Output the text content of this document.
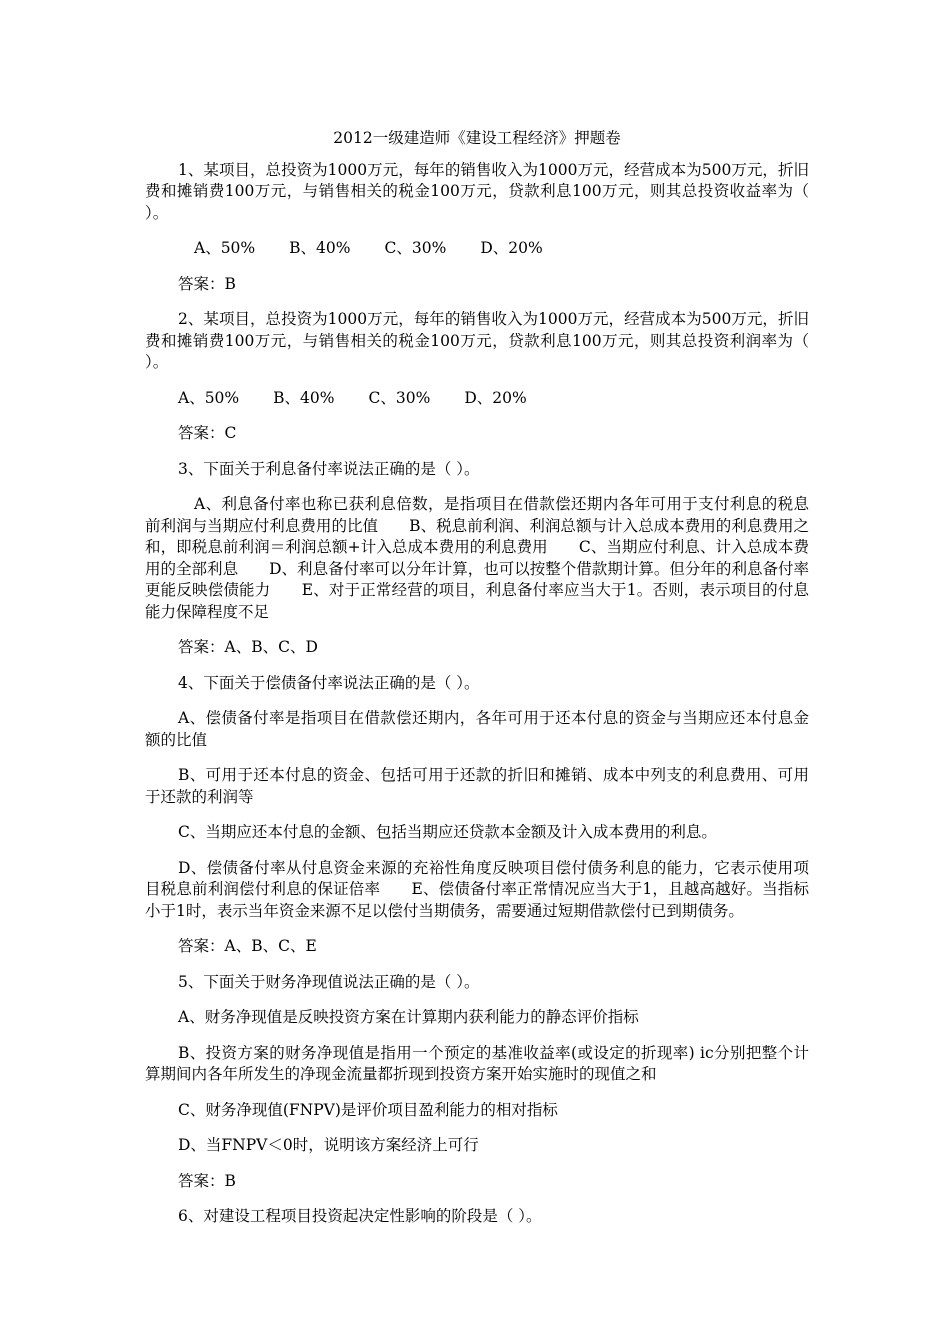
2012一级建造师《建设工程经济》押题卷
1、某项目，总投资为1000万元，每年的销售收入为1000万元，经营成本为500万元，折旧费和摊销费100万元，与销售相关的税金100万元，贷款利息100万元，则其总投资收益率为（ ）。
A、50% B、40% C、30% D、20%
答案：B
2、某项目，总投资为1000万元，每年的销售收入为1000万元，经营成本为500万元，折旧费和摊销费100万元，与销售相关的税金100万元，贷款利息100万元，则其总投资利润率为（ ）。
A、50% B、40% C、30% D、20%
答案：C
3、下面关于利息备付率说法正确的是（ ）。
A、利息备付率也称已获利息倍数，是指项目在借款偿还期内各年可用于支付利息的税息前利润与当期应付利息费用的比值　　B、税息前利润、利润总额与计入总成本费用的利息费用之和，即税息前利润＝利润总额+计入总成本费用的利息费用　　C、当期应付利息、计入总成本费用的全部利息　　D、利息备付率可以分年计算，也可以按整个借款期计算。但分年的利息备付率更能反映偿债能力　　E、对于正常经营的项目，利息备付率应当大于1。否则，表示项目的付息能力保障程度不足
答案：A、B、C、D
4、下面关于偿债备付率说法正确的是（ ）。
A、偿债备付率是指项目在借款偿还期内，各年可用于还本付息的资金与当期应还本付息金额的比值
B、可用于还本付息的资金、包括可用于还款的折旧和摊销、成本中列支的利息费用、可用于还款的利润等
C、当期应还本付息的金额、包括当期应还贷款本金额及计入成本费用的利息。
D、偿债备付率从付息资金来源的充裕性角度反映项目偿付债务利息的能力，它表示使用项目税息前利润偿付利息的保证倍率　　E、偿债备付率正常情况应当大于1，且越高越好。当指标小于1时，表示当年资金来源不足以偿付当期债务，需要通过短期借款偿付已到期债务。
答案：A、B、C、E
5、下面关于财务净现值说法正确的是（ ）。
A、财务净现值是反映投资方案在计算期内获利能力的静态评价指标
B、投资方案的财务净现值是指用一个预定的基准收益率(或设定的折现率) ic分别把整个计算期间内各年所发生的净现金流量都折现到投资方案开始实施时的现值之和
C、财务净现值(FNPV)是评价项目盈利能力的相对指标
D、当FNPV＜0时，说明该方案经济上可行
答案：B
6、对建设工程项目投资起决定性影响的阶段是（ ）。
